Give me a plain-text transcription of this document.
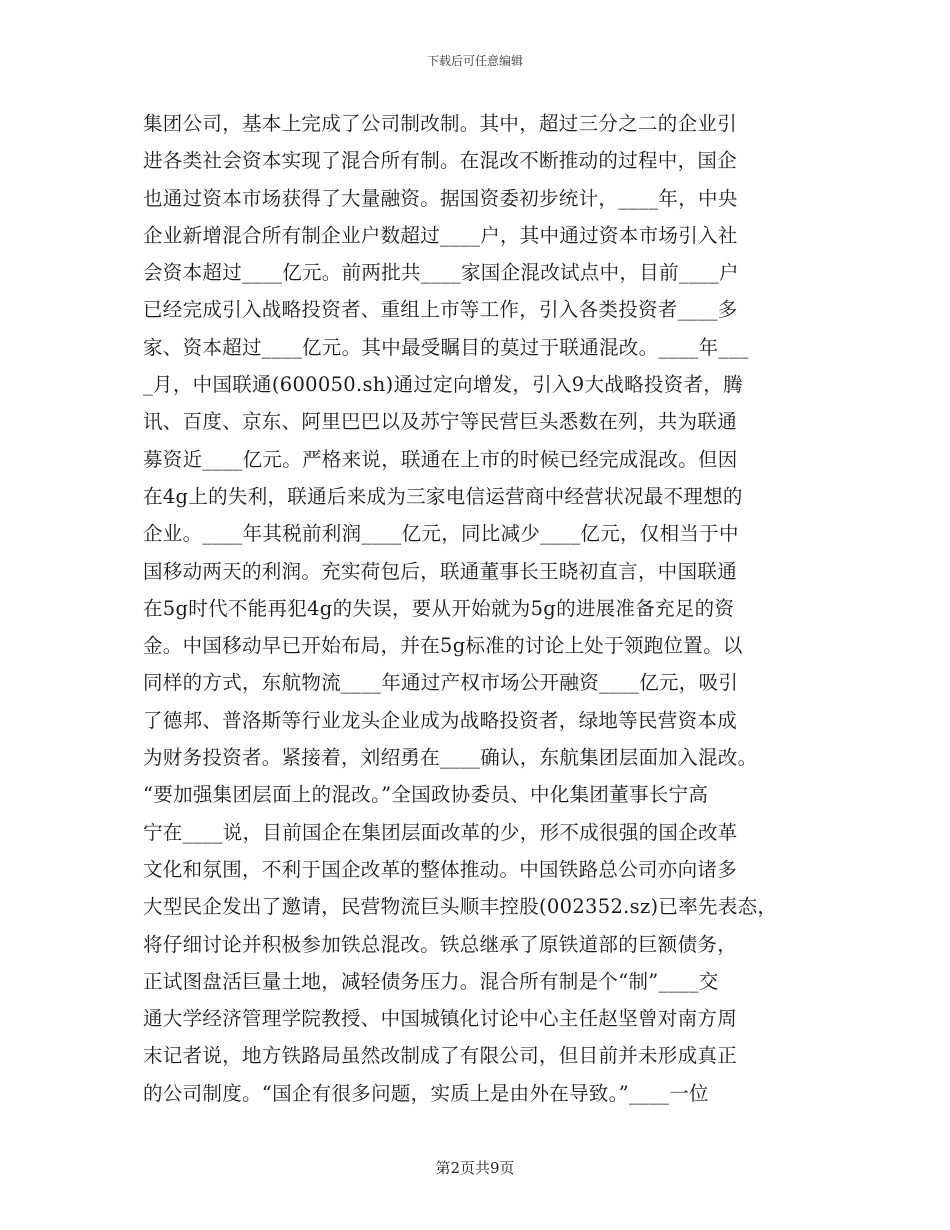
下载后可任意编辑
集团公司，基本上完成了公司制改制。其中，超过三分之二的企业引
进各类社会资本实现了混合所有制。在混改不断推动的过程中，国企
也通过资本市场获得了大量融资。据国资委初步统计，____年，中央
企业新增混合所有制企业户数超过____户，其中通过资本市场引入社
会资本超过____亿元。前两批共____家国企混改试点中，目前____户
已经完成引入战略投资者、重组上市等工作，引入各类投资者____多
家、资本超过____亿元。其中最受瞩目的莫过于联通混改。____年___
_月，中国联通(600050.sh)通过定向增发，引入9大战略投资者，腾
讯、百度、京东、阿里巴巴以及苏宁等民营巨头悉数在列，共为联通
募资近____亿元。严格来说，联通在上市的时候已经完成混改。但因
在4g上的失利，联通后来成为三家电信运营商中经营状况最不理想的
企业。____年其税前利润____亿元，同比减少____亿元，仅相当于中
国移动两天的利润。充实荷包后，联通董事长王晓初直言，中国联通
在5g时代不能再犯4g的失误，要从开始就为5g的进展准备充足的资
金。中国移动早已开始布局，并在5g标准的讨论上处于领跑位置。以
同样的方式，东航物流____年通过产权市场公开融资____亿元，吸引
了德邦、普洛斯等行业龙头企业成为战略投资者，绿地等民营资本成
为财务投资者。紧接着，刘绍勇在____确认，东航集团层面加入混改。
“要加强集团层面上的混改。”全国政协委员、中化集团董事长宁高
宁在____说，目前国企在集团层面改革的少，形不成很强的国企改革
文化和氛围，不利于国企改革的整体推动。中国铁路总公司亦向诸多
大型民企发出了邀请，民营物流巨头顺丰控股(002352.sz)已率先表态，
将仔细讨论并积极参加铁总混改。铁总继承了原铁道部的巨额债务，
正试图盘活巨量土地，减轻债务压力。混合所有制是个“制”____交
通大学经济管理学院教授、中国城镇化讨论中心主任赵坚曾对南方周
末记者说，地方铁路局虽然改制成了有限公司，但目前并未形成真正
的公司制度。“国企有很多问题，实质上是由外在导致。”____一位
第2页共9页
